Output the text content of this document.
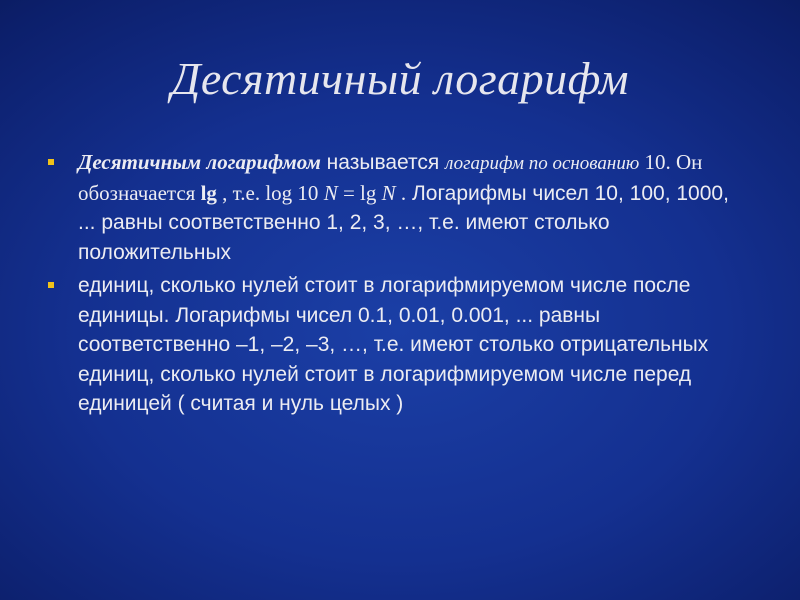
Десятичный логарифм
Десятичным логарифмом называется логарифм по основанию 10. Он обозначается lg , т.е. log 10 N = lg N . Логарифмы чисел 10, 100, 1000, ... равны соответственно 1, 2, 3, …, т.е. имеют столько положительных
единиц, сколько нулей стоит в логарифмируемом числе после единицы. Логарифмы чисел 0.1, 0.01, 0.001, ... равны соответственно –1, –2, –3, …, т.е. имеют столько отрицательных единиц, сколько нулей стоит в логарифмируемом числе перед единицей ( считая и нуль целых )
